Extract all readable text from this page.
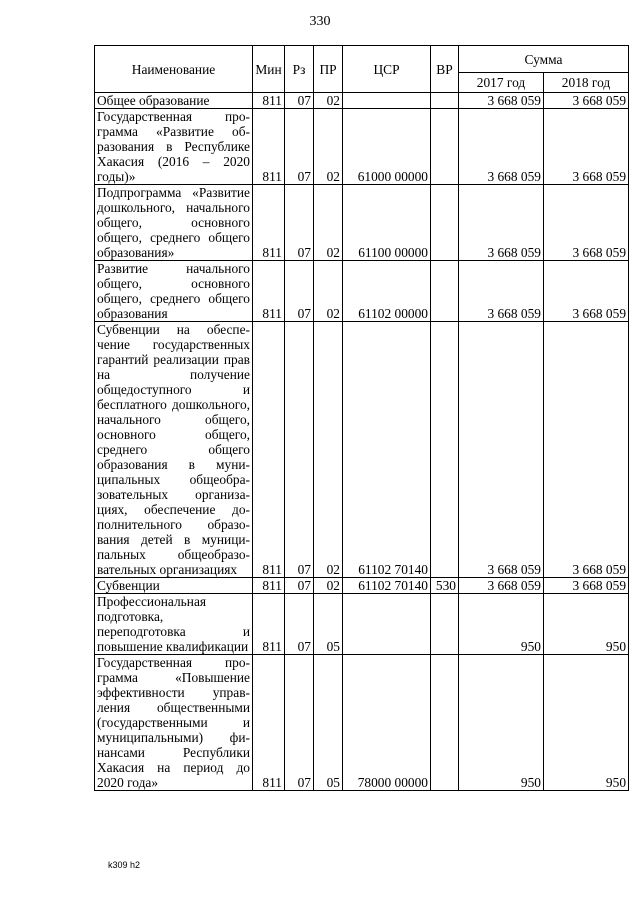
330
Наименование	Мин	Рз	ПР	ЦСР	ВР	Сумма	
						2017 год	2018 год
Общее образование	811	07	02			3 668 059	3 668 059
Государственная программа «Развитие образования в Республике Хакасия (2016 – 2020 годы)»	811	07	02	61000 00000		3 668 059	3 668 059
Подпрограмма «Развитие дошкольного, начального общего, основного общего, среднего общего образования»	811	07	02	61100 00000		3 668 059	3 668 059
Развитие начального общего, основного общего, среднего общего образования	811	07	02	61102 00000		3 668 059	3 668 059
Субвенции на обеспечение государственных гарантий реализации прав на получение общедоступного и бесплатного дошкольного, начального общего, основного общего, среднего общего образования в муниципальных общеобразовательных организациях, обеспечение дополнительного образования детей в муниципальных общеобразовательных организациях	811	07	02	61102 70140		3 668 059	3 668 059
Субвенции	811	07	02	61102 70140	530	3 668 059	3 668 059
Профессиональная подготовка, переподготовка и повышение квалификации	811	07	05			950	950
Государственная программа «Повышение эффективности управления общественными (государственными и муниципальными) финансами Республики Хакасия на период до 2020 года»	811	07	05	78000 00000		950	950
k309 h2
